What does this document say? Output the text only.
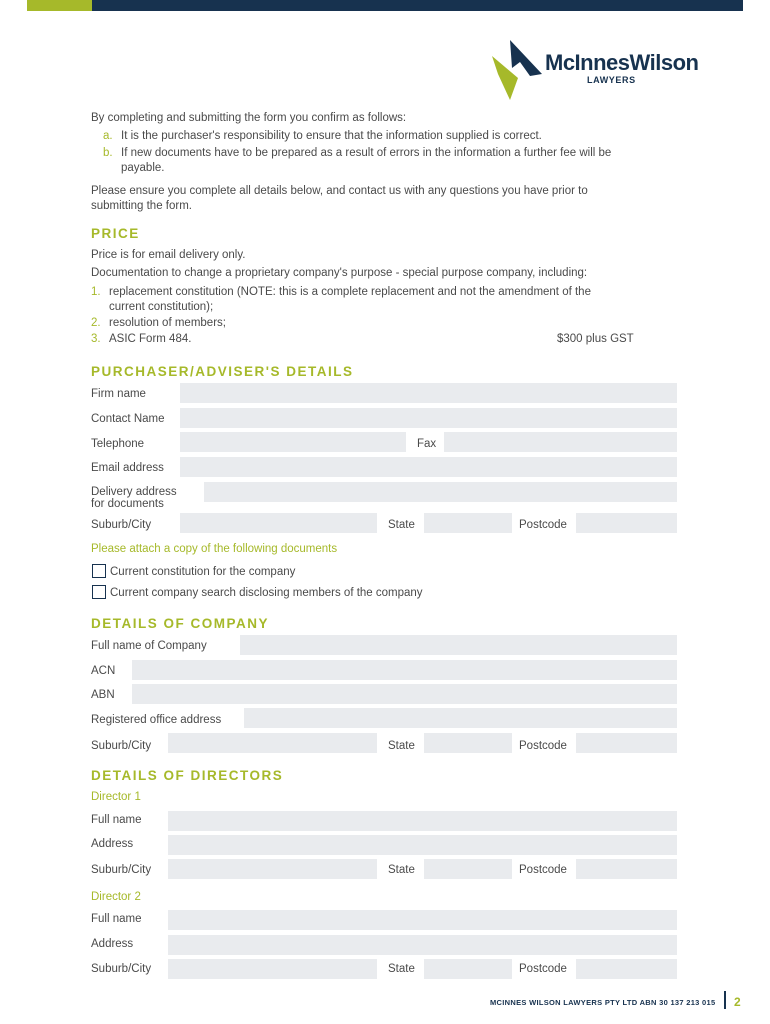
McInnesWilson
LAWYERS
By completing and submitting the form you confirm as follows:
a. It is the purchaser's responsibility to ensure that the information supplied is correct.
b. If new documents have to be prepared as a result of errors in the information a further fee will be
payable.
Please ensure you complete all details below, and contact us with any questions you have prior to
submitting the form.
PRICE
Price is for email delivery only.
Documentation to change a proprietary company's purpose - special purpose company, including:
1. replacement constitution (NOTE: this is a complete replacement and not the amendment of the
current constitution);
2. resolution of members;
3. ASIC Form 484.	$300 plus GST
PURCHASER/ADVISER'S DETAILS
Firm name
Contact Name
Telephone	Fax
Email address
Delivery address
for documents
Suburb/City	State	Postcode
Please attach a copy of the following documents
Current constitution for the company
Current company search disclosing members of the company
DETAILS OF COMPANY
Full name of Company
ACN
ABN
Registered office address
Suburb/City	State	Postcode
DETAILS OF DIRECTORS
Director 1
Full name
Address
Suburb/City	State	Postcode
Director 2
Full name
Address
Suburb/City	State	Postcode
MCINNES WILSON LAWYERS PTY LTD ABN 30 137 213 015 2
